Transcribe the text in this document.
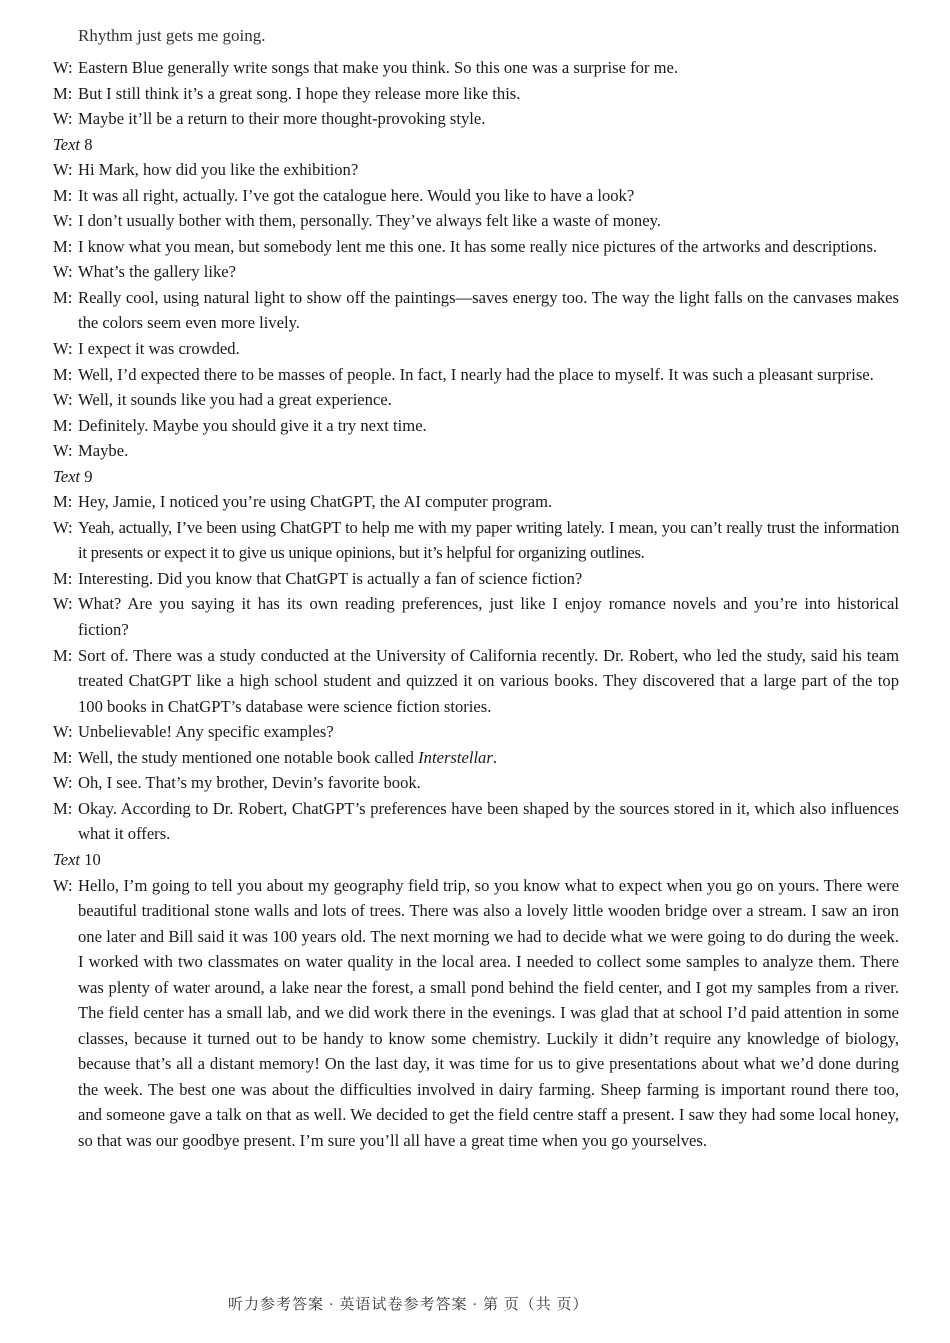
Rhythm just gets me going.
W: Eastern Blue generally write songs that make you think. So this one was a surprise for me.
M: But I still think it’s a great song. I hope they release more like this.
W: Maybe it’ll be a return to their more thought-provoking style.
Text 8
W: Hi Mark, how did you like the exhibition?
M: It was all right, actually. I’ve got the catalogue here. Would you like to have a look?
W: I don’t usually bother with them, personally. They’ve always felt like a waste of money.
M: I know what you mean, but somebody lent me this one. It has some really nice pictures of the artworks and descriptions.
W: What’s the gallery like?
M: Really cool, using natural light to show off the paintings—saves energy too. The way the light falls on the canvases makes the colors seem even more lively.
W: I expect it was crowded.
M: Well, I’d expected there to be masses of people. In fact, I nearly had the place to myself. It was such a pleasant surprise.
W: Well, it sounds like you had a great experience.
M: Definitely. Maybe you should give it a try next time.
W: Maybe.
Text 9
M: Hey, Jamie, I noticed you’re using ChatGPT, the AI computer program.
W: Yeah, actually, I’ve been using ChatGPT to help me with my paper writing lately. I mean, you can’t really trust the information it presents or expect it to give us unique opinions, but it’s helpful for organizing outlines.
M: Interesting. Did you know that ChatGPT is actually a fan of science fiction?
W: What? Are you saying it has its own reading preferences, just like I enjoy romance novels and you’re into historical fiction?
M: Sort of. There was a study conducted at the University of California recently. Dr. Robert, who led the study, said his team treated ChatGPT like a high school student and quizzed it on various books. They discovered that a large part of the top 100 books in ChatGPT’s database were science fiction stories.
W: Unbelievable! Any specific examples?
M: Well, the study mentioned one notable book called Interstellar.
W: Oh, I see. That’s my brother, Devin’s favorite book.
M: Okay. According to Dr. Robert, ChatGPT’s preferences have been shaped by the sources stored in it, which also influences what it offers.
Text 10
W: Hello, I’m going to tell you about my geography field trip, so you know what to expect when you go on yours. There were beautiful traditional stone walls and lots of trees. There was also a lovely little wooden bridge over a stream. I saw an iron one later and Bill said it was 100 years old. The next morning we had to decide what we were going to do during the week. I worked with two classmates on water quality in the local area. I needed to collect some samples to analyze them. There was plenty of water around, a lake near the forest, a small pond behind the field center, and I got my samples from a river. The field center has a small lab, and we did work there in the evenings. I was glad that at school I’d paid attention in some classes, because it turned out to be handy to know some chemistry. Luckily it didn’t require any knowledge of biology, because that’s all a distant memory! On the last day, it was time for us to give presentations about what we’d done during the week. The best one was about the difficulties involved in dairy farming. Sheep farming is important round there too, and someone gave a talk on that as well. We decided to get the field centre staff a present. I saw they had some local honey, so that was our goodbye present. I’m sure you’ll all have a great time when you go yourselves.
听力参考答案 · 英语试卷参考答案 · 第 页（共 页）
